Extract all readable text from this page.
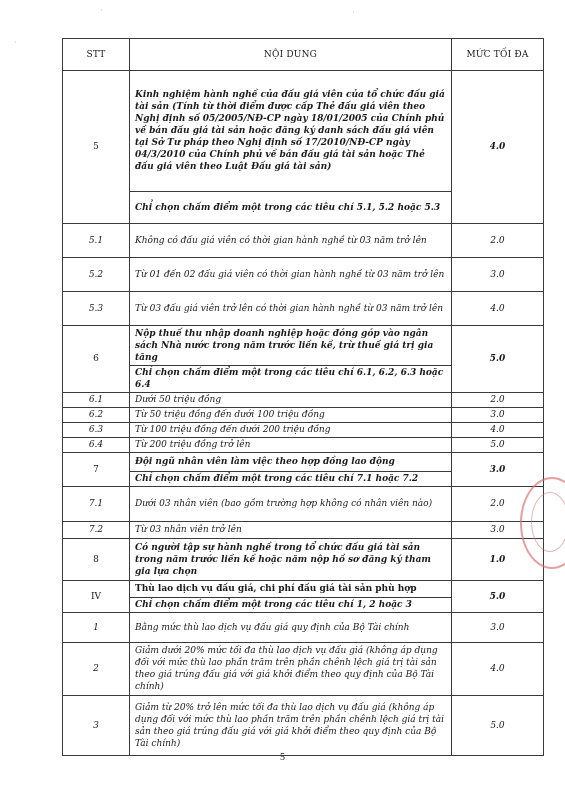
·	·
·
STT	NỘI DUNG	MỨC TỐI ĐA
5	Kinh nghiệm hành nghề của đấu giá viên của tổ chức đấu giá tài sản (Tính từ thời điểm được cấp Thẻ đấu giá viên theo Nghị định số 05/2005/NĐ-CP ngày 18/01/2005 của Chính phủ về bán đấu giá tài sản hoặc đăng ký danh sách đấu giá viên tại Sở Tư pháp theo Nghị định số 17/2010/NĐ-CP ngày 04/3/2010 của Chính phủ về bán đấu giá tài sản hoặc Thẻ đấu giá viên theo Luật Đấu giá tài sản)	4.0
	Chỉ chọn chấm điểm một trong các tiêu chí 5.1, 5.2 hoặc 5.3	
5.1	Không có đấu giá viên có thời gian hành nghề từ 03 năm trở lên	2.0
5.2	Từ 01 đến 02 đấu giá viên có thời gian hành nghề từ 03 năm trở lên	3.0
5.3	Từ 03 đấu giá viên trở lên có thời gian hành nghề từ 03 năm trở lên	4.0
6	Nộp thuế thu nhập doanh nghiệp hoặc đóng góp vào ngân sách Nhà nước trong năm trước liền kề, trừ thuế giá trị gia tăng	5.0
	Chỉ chọn chấm điểm một trong các tiêu chí 6.1, 6.2, 6.3 hoặc 6.4	
6.1	Dưới 50 triệu đồng	2.0
6.2	Từ 50 triệu đồng đến dưới 100 triệu đồng	3.0
6.3	Từ 100 triệu đồng đến dưới 200 triệu đồng	4.0
6.4	Từ 200 triệu đồng trở lên	5.0
7	Đội ngũ nhân viên làm việc theo hợp đồng lao động	3.0
	Chỉ chọn chấm điểm một trong các tiêu chí 7.1 hoặc 7.2	
7.1	Dưới 03 nhân viên (bao gồm trường hợp không có nhân viên nào)	2.0
7.2	Từ 03 nhân viên trở lên	3.0
8	Có người tập sự hành nghề trong tổ chức đấu giá tài sản trong năm trước liền kề hoặc năm nộp hồ sơ đăng ký tham gia lựa chọn	1.0
IV	Thù lao dịch vụ đấu giá, chi phí đấu giá tài sản phù hợp	5.0
	Chỉ chọn chấm điểm một trong các tiêu chí 1, 2 hoặc 3	
1	Bằng mức thù lao dịch vụ đấu giá quy định của Bộ Tài chính	3.0
2	Giảm dưới 20% mức tối đa thù lao dịch vụ đấu giá (không áp dụng đối với mức thù lao phần trăm trên phần chênh lệch giá trị tài sản theo giá trúng đấu giá với giá khởi điểm theo quy định của Bộ Tài chính)	4.0
3	Giảm từ 20% trở lên mức tối đa thù lao dịch vụ đấu giá (không áp dụng đối với mức thù lao phần trăm trên phần chênh lệch giá trị tài sản theo giá trúng đấu giá với giá khởi điểm theo quy định của Bộ Tài chính)	5.0
5
